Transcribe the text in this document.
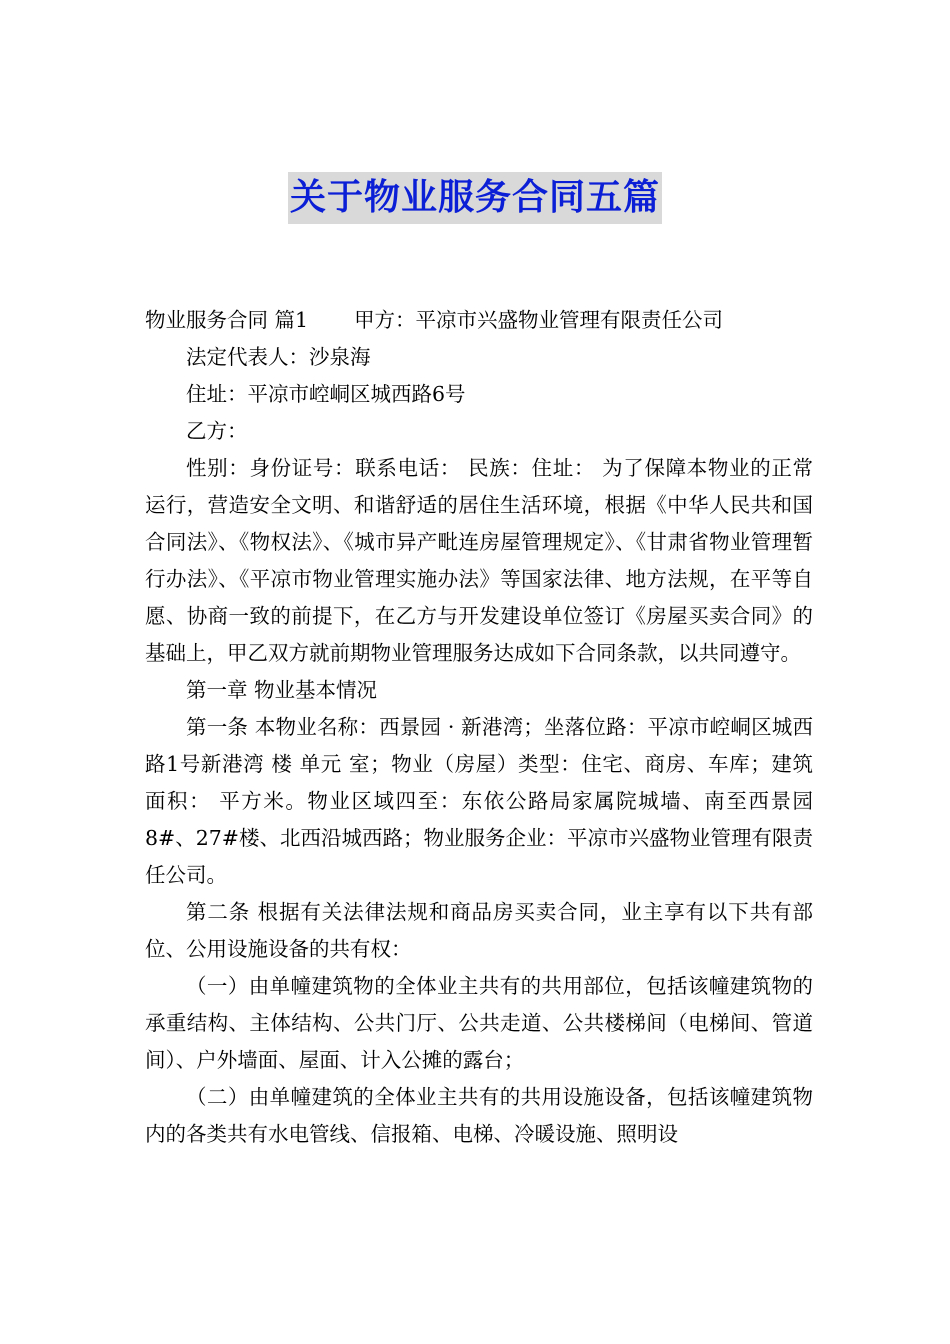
关于物业服务合同五篇

物业服务合同 篇1 甲方：平凉市兴盛物业管理有限责任公司

法定代表人：沙泉海

住址：平凉市崆峒区城西路6号

乙方：

性别：身份证号：联系电话： 民族：住址： 为了保障本物业的正常运行，营造安全文明、和谐舒适的居住生活环境，根据《中华人民共和国合同法》、《物权法》、《城市异产毗连房屋管理规定》、《甘肃省物业管理暂行办法》、《平凉市物业管理实施办法》等国家法律、地方法规，在平等自愿、协商一致的前提下，在乙方与开发建设单位签订《房屋买卖合同》的基础上，甲乙双方就前期物业管理服务达成如下合同条款，以共同遵守。

第一章 物业基本情况

第一条 本物业名称：西景园 · 新港湾；坐落位路：平凉市崆峒区城西路1号新港湾 楼 单元 室；物业（房屋）类型：住宅、商房、车库；建筑面积： 平方米。物业区域四至：东依公路局家属院城墙、南至西景园8#、27#楼、北西沿城西路；物业服务企业：平凉市兴盛物业管理有限责任公司。

第二条 根据有关法律法规和商品房买卖合同，业主享有以下共有部位、公用设施设备的共有权：

（一）由单幢建筑物的全体业主共有的共用部位，包括该幢建筑物的承重结构、主体结构、公共门厅、公共走道、公共楼梯间（电梯间、管道间）、户外墙面、屋面、计入公摊的露台；

（二）由单幢建筑的全体业主共有的共用设施设备，包括该幢建筑物内的各类共有水电管线、信报箱、电梯、冷暖设施、照明设
